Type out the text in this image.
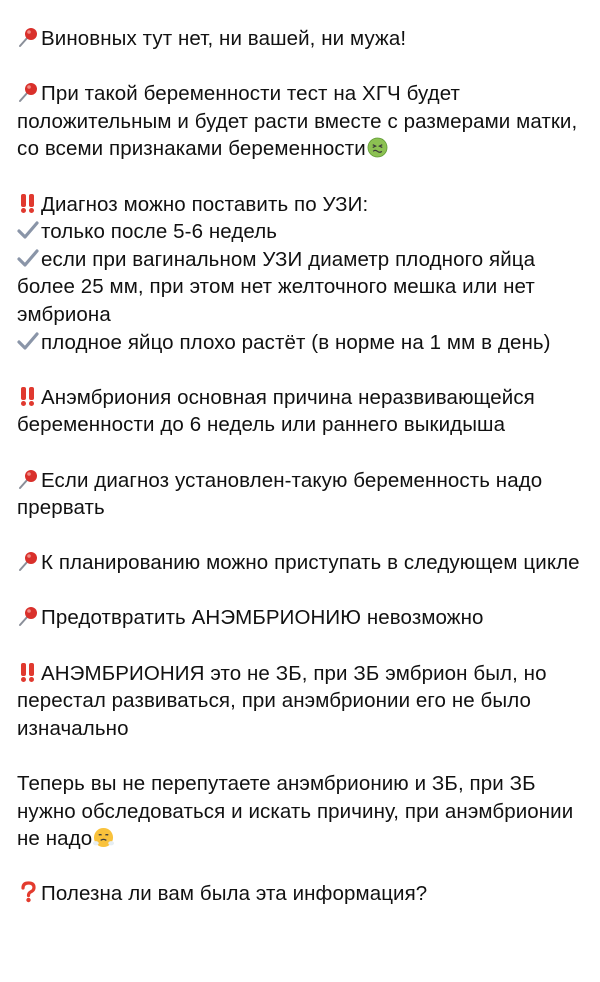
Виновных тут нет, ни вашей, ни мужа!
При такой беременности тест на ХГЧ будет положительным и будет расти вместе с размерами матки, со всеми признаками беременности
Диагноз можно поставить по УЗИ:
только после 5-6 недель
если при вагинальном УЗИ диаметр плодного яйца более 25 мм, при этом нет желточного мешка или нет эмбриона
плодное яйцо плохо растёт (в норме на 1 мм в день)
Анэмбриония основная причина неразвивающейся беременности до 6 недель или раннего выкидыша
Если диагноз установлен-такую беременность надо прервать
К планированию можно приступать в следующем цикле
Предотвратить АНЭМБРИОНИЮ невозможно
АНЭМБРИОНИЯ это не ЗБ, при ЗБ эмбрион был, но перестал развиваться, при анэмбрионии его не было изначально
Теперь вы не перепутаете анэмбрионию и ЗБ, при ЗБ нужно обследоваться и искать причину, при анэмбрионии не надо
Полезна ли вам была эта информация?
